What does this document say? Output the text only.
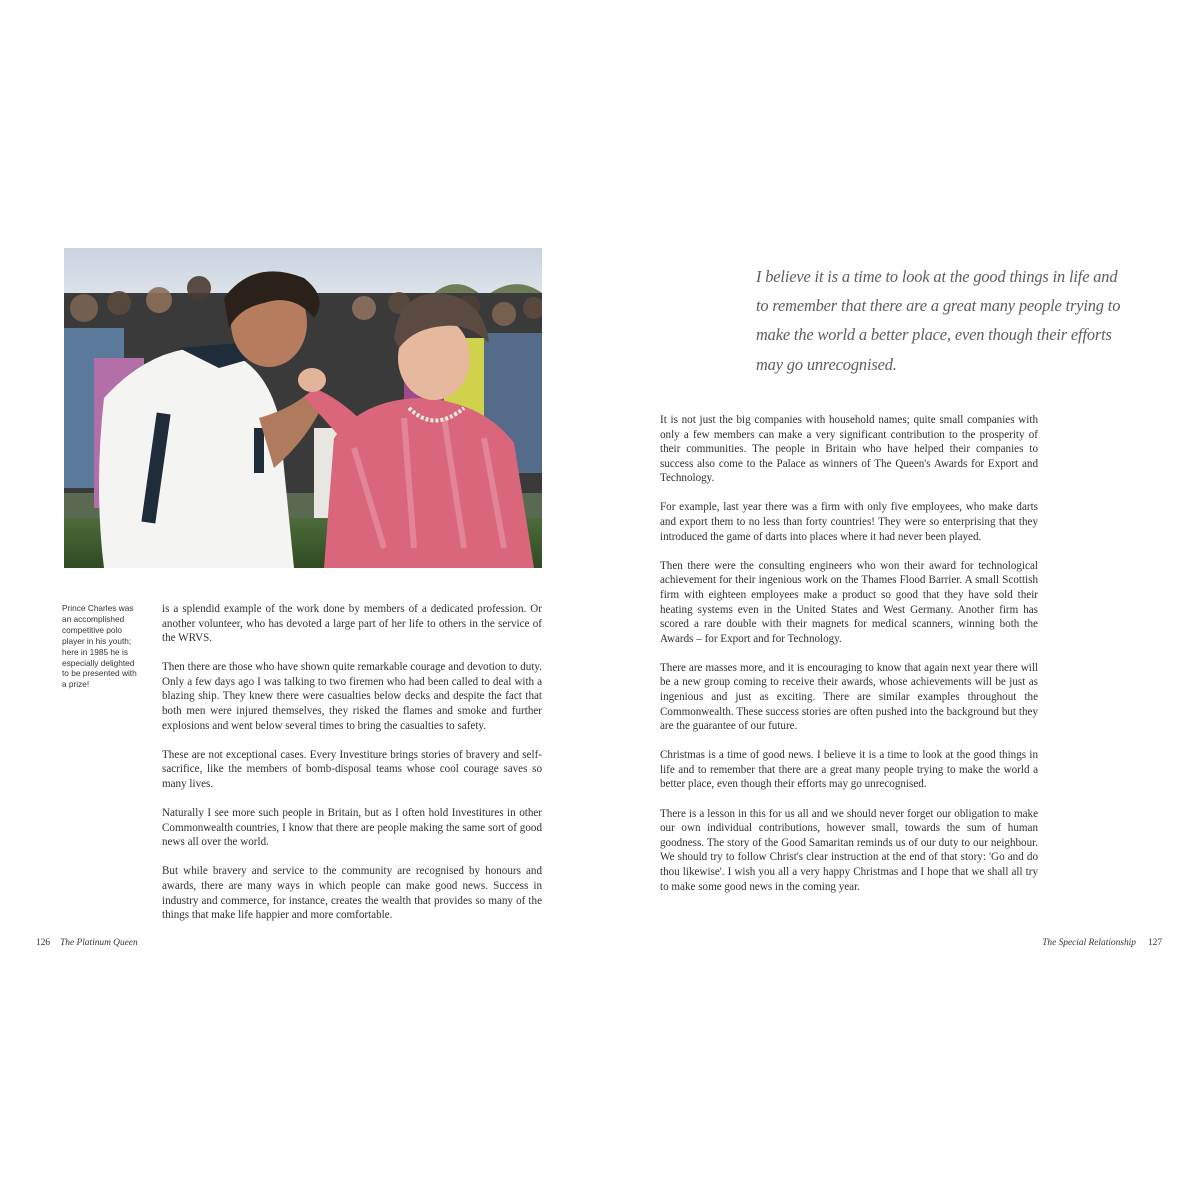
Prince Charles was an accomplished competitive polo player in his youth; here in 1985 he is especially delighted to be presented with a prize!

is a splendid example of the work done by members of a dedicated profession. Or another volunteer, who has devoted a large part of her life to others in the service of the WRVS.

Then there are those who have shown quite remarkable courage and devotion to duty. Only a few days ago I was talking to two firemen who had been called to deal with a blazing ship. They knew there were casualties below decks and despite the fact that both men were injured themselves, they risked the flames and smoke and further explosions and went below several times to bring the casualties to safety.

These are not exceptional cases. Every Investiture brings stories of bravery and self-sacrifice, like the members of bomb-disposal teams whose cool courage saves so many lives.

Naturally I see more such people in Britain, but as I often hold Investitures in other Commonwealth countries, I know that there are people making the same sort of good news all over the world.

But while bravery and service to the community are recognised by honours and awards, there are many ways in which people can make good news. Success in industry and commerce, for instance, creates the wealth that provides so many of the things that make life happier and more comfortable.

126 The Platinum Queen
I believe it is a time to look at the good things in life and to remember that there are a great many people trying to make the world a better place, even though their efforts may go unrecognised.

It is not just the big companies with household names; quite small companies with only a few members can make a very significant contribution to the prosperity of their communities. The people in Britain who have helped their companies to success also come to the Palace as winners of The Queen's Awards for Export and Technology.

For example, last year there was a firm with only five employees, who make darts and export them to no less than forty countries! They were so enterprising that they introduced the game of darts into places where it had never been played.

Then there were the consulting engineers who won their award for technological achievement for their ingenious work on the Thames Flood Barrier. A small Scottish firm with eighteen employees make a product so good that they have sold their heating systems even in the United States and West Germany. Another firm has scored a rare double with their magnets for medical scanners, winning both the Awards – for Export and for Technology.

There are masses more, and it is encouraging to know that again next year there will be a new group coming to receive their awards, whose achievements will be just as ingenious and just as exciting. There are similar examples throughout the Commonwealth. These success stories are often pushed into the background but they are the guarantee of our future.

Christmas is a time of good news. I believe it is a time to look at the good things in life and to remember that there are a great many people trying to make the world a better place, even though their efforts may go unrecognised.

There is a lesson in this for us all and we should never forget our obligation to make our own individual contributions, however small, towards the sum of human goodness. The story of the Good Samaritan reminds us of our duty to our neighbour. We should try to follow Christ's clear instruction at the end of that story: 'Go and do thou likewise'. I wish you all a very happy Christmas and I hope that we shall all try to make some good news in the coming year.

The Special Relationship 127
